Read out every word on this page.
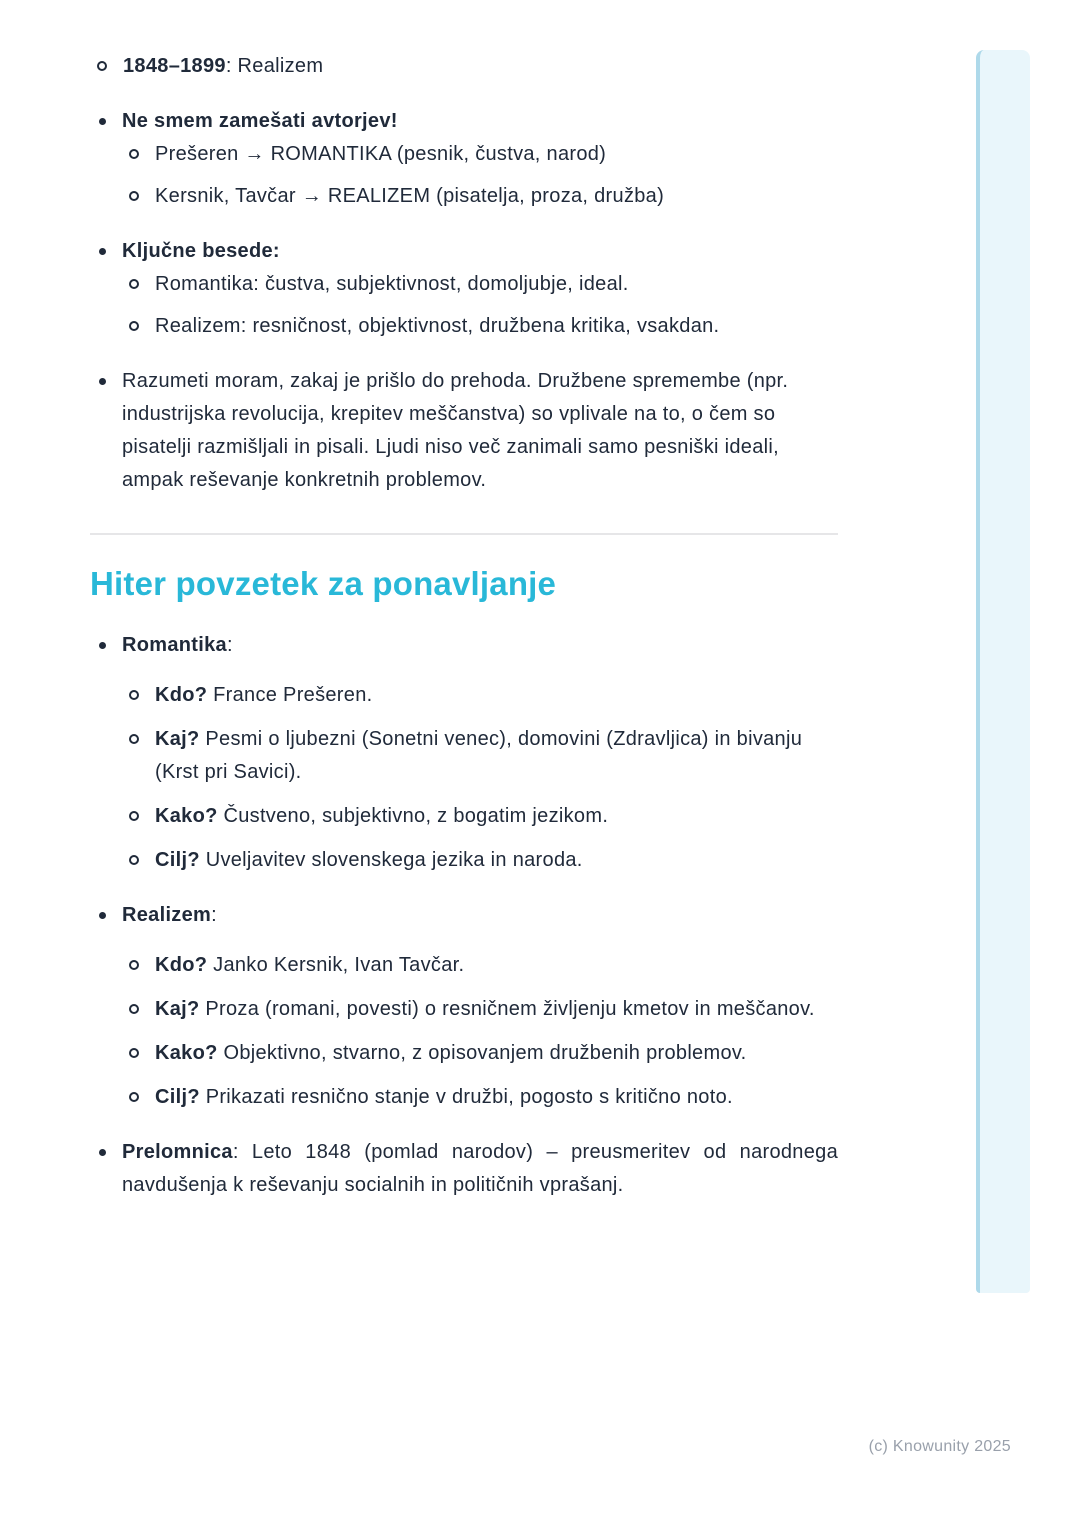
1848–1899: Realizem
Ne smem zamešati avtorjev!
Prešeren → ROMANTIKA (pesnik, čustva, narod)
Kersnik, Tavčar → REALIZEM (pisatelja, proza, družba)
Ključne besede:
Romantika: čustva, subjektivnost, domoljubje, ideal.
Realizem: resničnost, objektivnost, družbena kritika, vsakdan.
Razumeti moram, zakaj je prišlo do prehoda. Družbene spremembe (npr. industrijska revolucija, krepitev meščanstva) so vplivale na to, o čem so pisatelji razmišljali in pisali. Ljudi niso več zanimali samo pesniški ideali, ampak reševanje konkretnih problemov.
Hiter povzetek za ponavljanje
Romantika:
Kdo? France Prešeren.
Kaj? Pesmi o ljubezni (Sonetni venec), domovini (Zdravljica) in bivanju (Krst pri Savici).
Kako? Čustveno, subjektivno, z bogatim jezikom.
Cilj? Uveljavitev slovenskega jezika in naroda.
Realizem:
Kdo? Janko Kersnik, Ivan Tavčar.
Kaj? Proza (romani, povesti) o resničnem življenju kmetov in meščanov.
Kako? Objektivno, stvarno, z opisovanjem družbenih problemov.
Cilj? Prikazati resnično stanje v družbi, pogosto s kritično noto.
Prelomnica: Leto 1848 (pomlad narodov) – preusmeritev od narodnega navdušenja k reševanju socialnih in političnih vprašanj.
(c) Knowunity 2025
